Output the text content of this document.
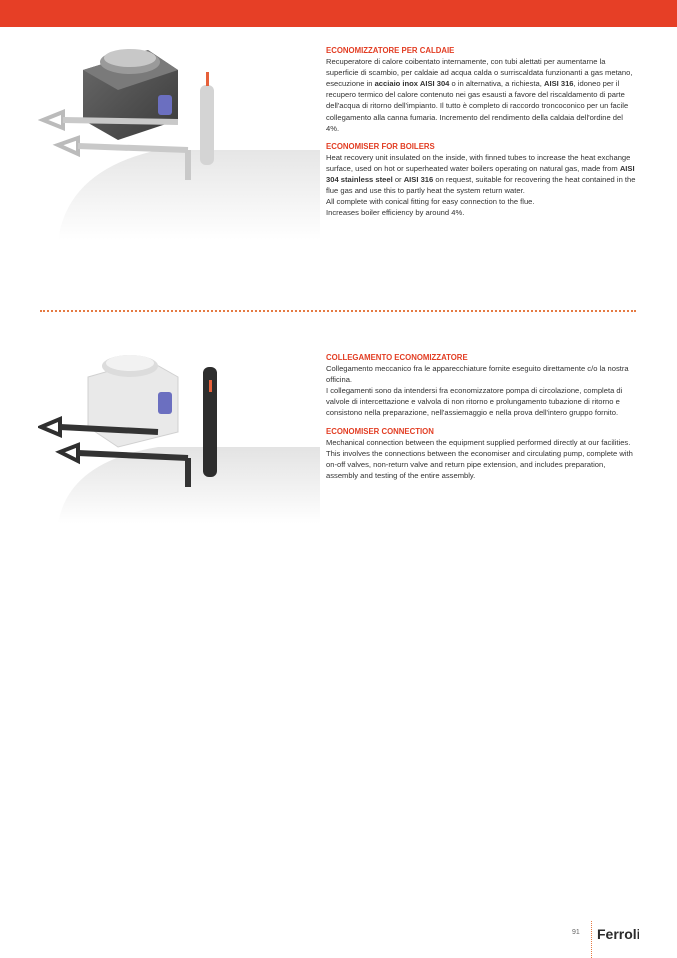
ECONOMIZZATORE PER CALDAIE

Recuperatore di calore coibentato internamente, con tubi alettati per aumentarne la superficie di scambio, per caldaie ad acqua calda o surriscaldata funzionanti a gas metano, esecuzione in acciaio inox AISI 304 o in alternativa, a richiesta, AISI 316, idoneo per il recupero termico del calore contenuto nei gas esausti a favore del riscaldamento di parte dell'acqua di ritorno dell'impianto. Il tutto è completo di raccordo troncoconico per un facile collegamento alla canna fumaria. Incremento del rendimento della caldaia dell'ordine del 4%.

ECONOMISER FOR BOILERS

Heat recovery unit insulated on the inside, with finned tubes to increase the heat exchange surface, used on hot or superheated water boilers operating on natural gas, made from AISI 304 stainless steel or AISI 316 on request, suitable for recovering the heat contained in the flue gas and use this to partly heat the system return water.

All complete with conical fitting for easy connection to the flue.

Increases boiler efficiency by around 4%.

COLLEGAMENTO ECONOMIZZATORE

Collegamento meccanico fra le apparecchiature fornite eseguito direttamente c/o la nostra officina.

I collegamenti sono da intendersi fra economizzatore pompa di circolazione, completa di valvole di intercettazione e valvola di non ritorno e prolungamento tubazione di ritorno e consistono nella preparazione, nell'assiemaggio e nella prova dell'intero gruppo fornito.

ECONOMISER CONNECTION

Mechanical connection between the equipment supplied performed directly at our facilities.

This involves the connections between the economiser and circulating pump, complete with on-off valves, non-return valve and return pipe extension, and includes preparation, assembly and testing of the entire assembly.

91 Ferroli
